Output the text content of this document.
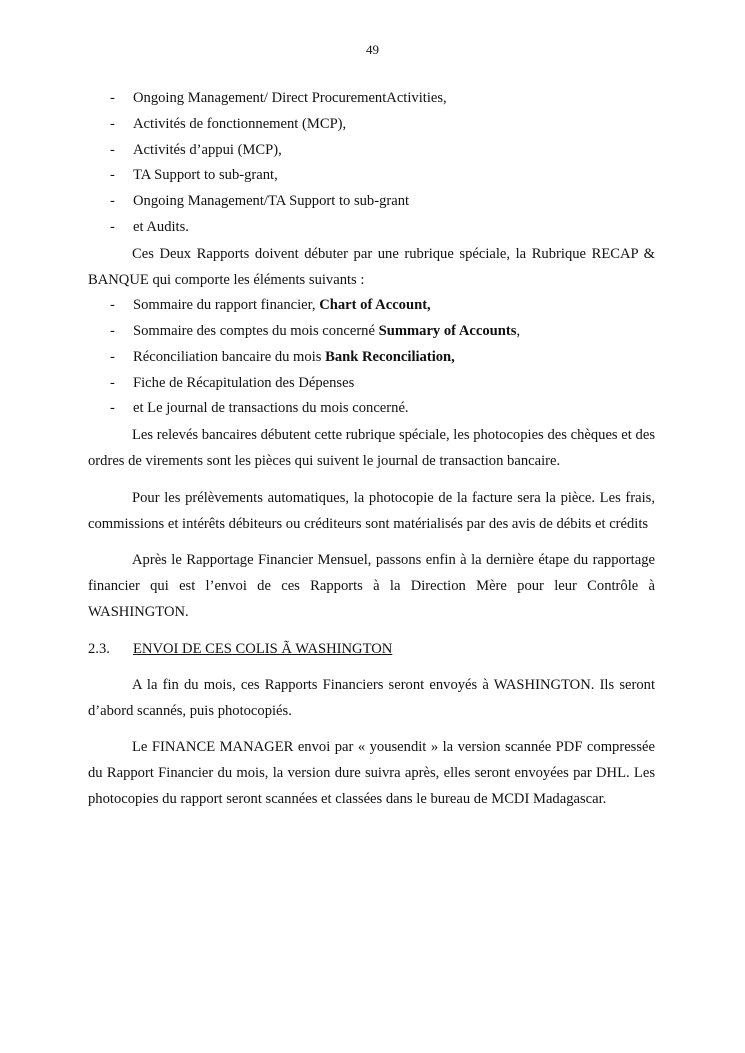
49
- Ongoing Management/ Direct ProcurementActivities,
- Activités de fonctionnement (MCP),
- Activités d’appui (MCP),
- TA Support to sub-grant,
- Ongoing Management/TA Support to sub-grant
- et Audits.

Ces Deux Rapports doivent débuter par une rubrique spéciale, la Rubrique RECAP & BANQUE qui comporte les éléments suivants :

- Sommaire du rapport financier, Chart of Account,
- Sommaire des comptes du mois concerné Summary of Accounts,
- Réconciliation bancaire du mois Bank Reconciliation,
- Fiche de Récapitulation des Dépenses
- et Le journal de transactions du mois concerné.

Les relevés bancaires débutent cette rubrique spéciale, les photocopies des chèques et des ordres de virements sont les pièces qui suivent le journal de transaction bancaire.

Pour les prélèvements automatiques, la photocopie de la facture sera la pièce. Les frais, commissions et intérêts débiteurs ou créditeurs sont matérialisés par des avis de débits et crédits

Après le Rapportage Financier Mensuel, passons enfin à la dernière étape du rapportage financier qui est l’envoi de ces Rapports à la Direction Mère pour leur Contrôle à WASHINGTON.

2.3.	ENVOI DE CES COLIS Ã WASHINGTON

A la fin du mois, ces Rapports Financiers seront envoyés à WASHINGTON. Ils seront d’abord scannés, puis photocopiés.

Le FINANCE MANAGER envoi par « yousendit » la version scannée PDF compressée du Rapport Financier du mois, la version dure suivra après, elles seront envoyées par DHL. Les photocopies du rapport seront scannées et classées dans le bureau de MCDI Madagascar.
